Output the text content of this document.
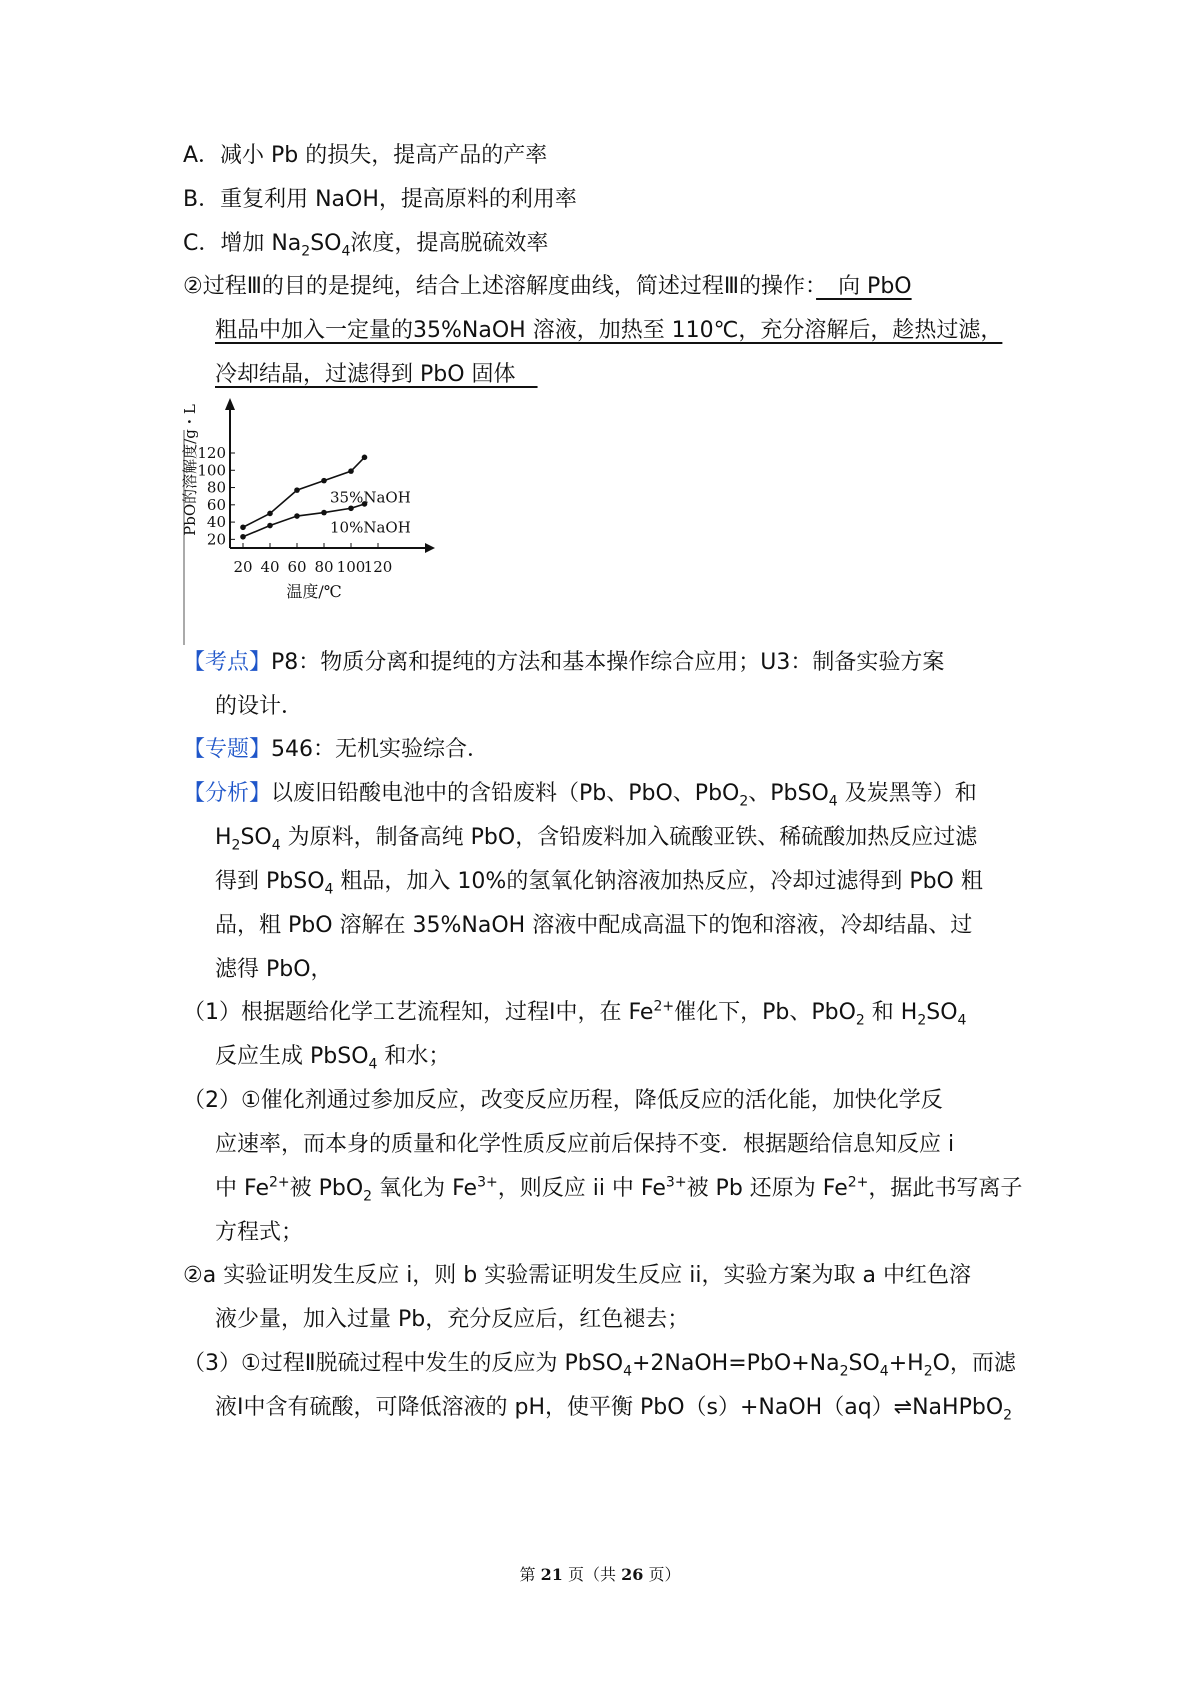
A．减小 Pb 的损失，提高产品的产率
B．重复利用 NaOH，提高原料的利用率
C．增加 $Na_2SO_4$浓度，提高脱硫效率
②过程Ⅲ的目的是提纯，结合上述溶解度曲线，简述过程Ⅲ的操作：　向 PbO
粗品中加入一定量的35%NaOH 溶液，加热至 110℃，充分溶解后，趁热过滤，
冷却结晶，过滤得到 PbO 固体　
20
40
60
80
100
120
20 40 60 80 100
120
温度/℃
PbO的溶解度/g・L	35%NaOH
10%NaOH
【考点】P8：物质分离和提纯的方法和基本操作综合应用；U3：制备实验方案
的设计．
【专题】546：无机实验综合．
【分析】以废旧铅酸电池中的含铅废料（Pb、PbO、PbO$_2$、PbSO$_4$ 及炭黑等）和
$H_2SO_4$ 为原料，制备高纯 PbO，含铅废料加入硫酸亚铁、稀硫酸加热反应过滤
得到 PbSO$_4$ 粗品，加入 10%的氢氧化钠溶液加热反应，冷却过滤得到 PbO 粗
品，粗 PbO 溶解在 35%NaOH 溶液中配成高温下的饱和溶液，冷却结晶、过
滤得 PbO，
（1）根据题给化学工艺流程知，过程Ⅰ中，在 $Fe^{2+}$催化下，Pb、PbO$_2$ 和 $H_2SO_4$
反应生成 PbSO$_4$ 和水；
（2）①催化剂通过参加反应，改变反应历程，降低反应的活化能，加快化学反
应速率，而本身的质量和化学性质反应前后保持不变．根据题给信息知反应 i
中 $Fe^{2+}$被 PbO$_2$ 氧化为 $Fe^{3+}$，则反应 ii 中 $Fe^{3+}$被 Pb 还原为 $Fe^{2+}$，据此书写离子
方程式；
②a 实验证明发生反应 i，则 b 实验需证明发生反应 ii，实验方案为取 a 中红色溶
液少量，加入过量 Pb，充分反应后，红色褪去；
（3）①过程Ⅱ脱硫过程中发生的反应为 $PbSO_4+2NaOH=PbO+Na_2SO_4+H_2O$，而滤
液Ⅰ中含有硫酸，可降低溶液的 pH，使平衡 PbO（s）+NaOH（aq）⇌NaHPbO$_2$
第 21 页（共 26 页）
